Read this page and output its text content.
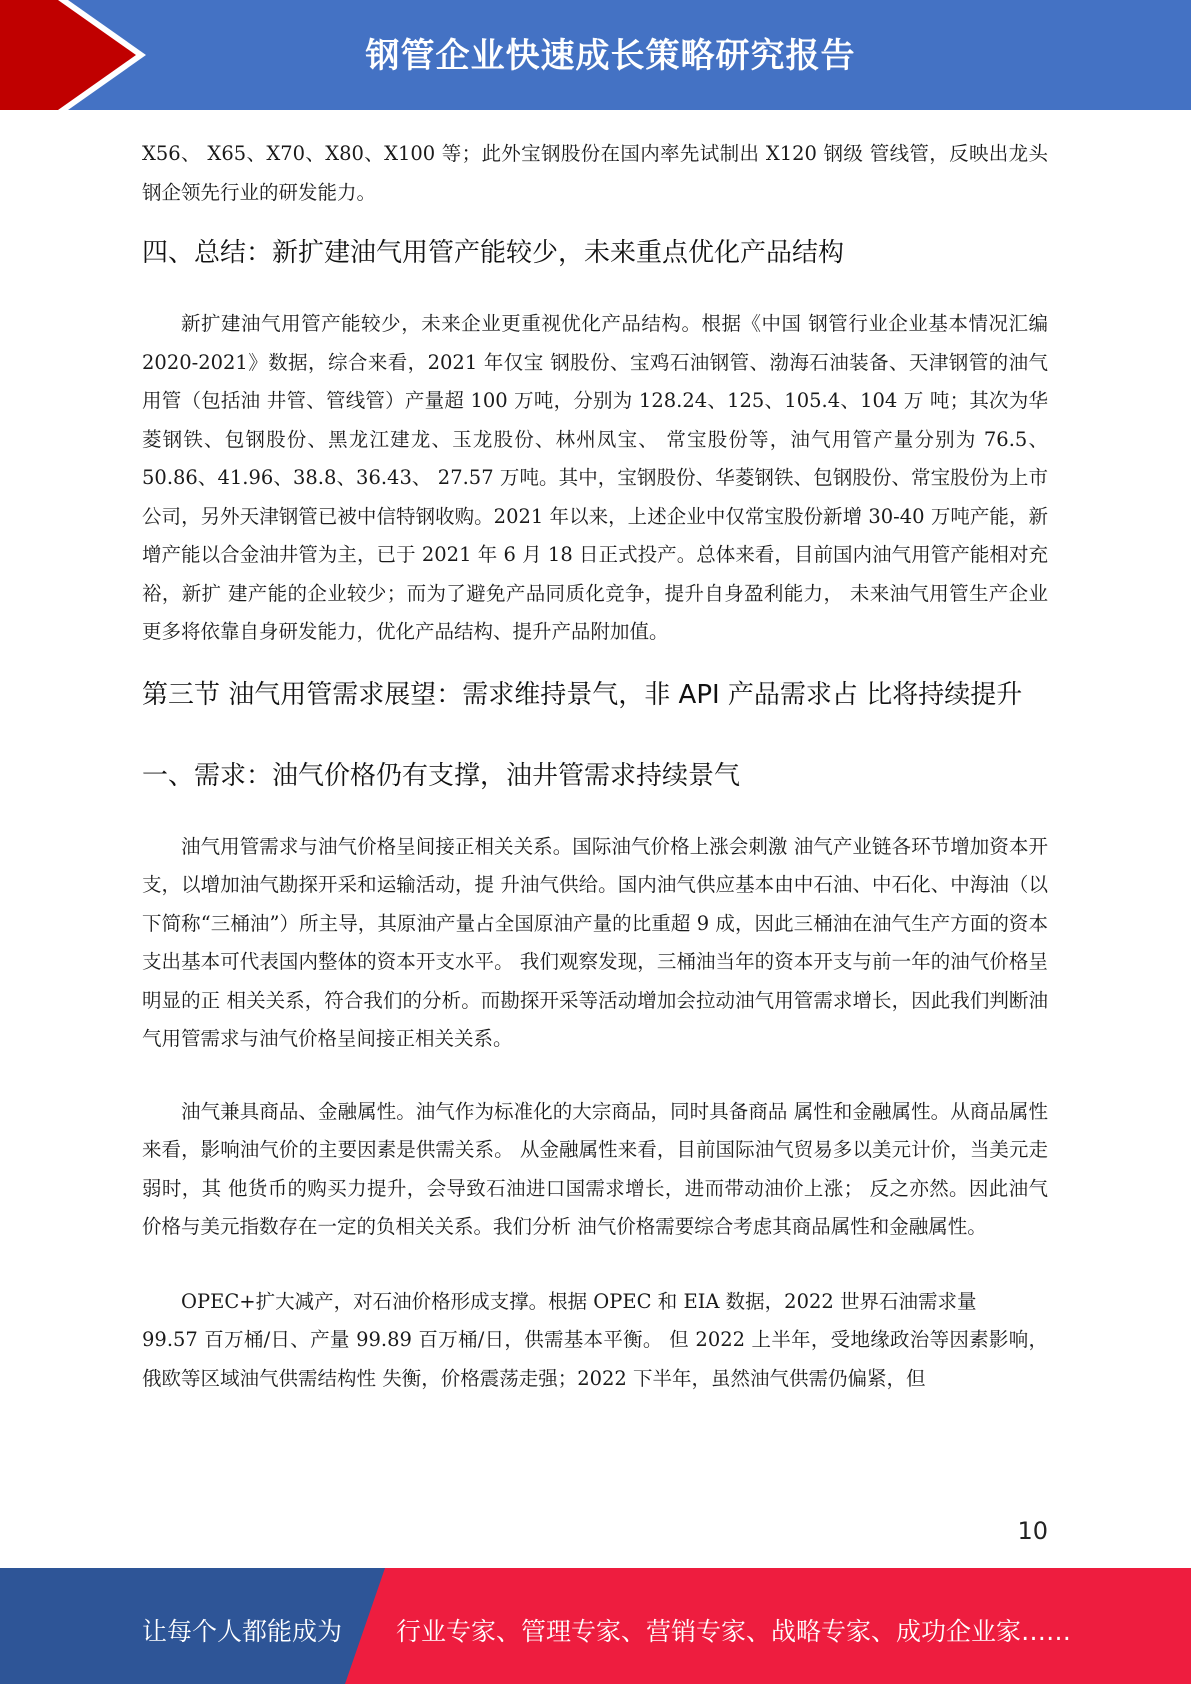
钢管企业快速成长策略研究报告

X56、 X65、X70、X80、X100 等；此外宝钢股份在国内率先试制出 X120 钢级 管线管，反映出龙头钢企领先行业的研发能力。

四、总结：新扩建油气用管产能较少，未来重点优化产品结构

新扩建油气用管产能较少，未来企业更重视优化产品结构。根据《中国 钢管行业企业基本情况汇编 2020-2021》数据，综合来看，2021 年仅宝 钢股份、宝鸡石油钢管、渤海石油装备、天津钢管的油气用管（包括油 井管、管线管）产量超 100 万吨，分别为 128.24、125、105.4、104 万 吨；其次为华菱钢铁、包钢股份、黑龙江建龙、玉龙股份、林州凤宝、 常宝股份等，油气用管产量分别为 76.5、50.86、41.96、38.8、36.43、 27.57 万吨。其中，宝钢股份、华菱钢铁、包钢股份、常宝股份为上市 公司，另外天津钢管已被中信特钢收购。2021 年以来，上述企业中仅常宝股份新增 30-40 万吨产能，新增产能以合金油井管为主，已于 2021 年 6 月 18 日正式投产。总体来看，目前国内油气用管产能相对充裕，新扩 建产能的企业较少；而为了避免产品同质化竞争，提升自身盈利能力， 未来油气用管生产企业更多将依靠自身研发能力，优化产品结构、提升产品附加值。

第三节 油气用管需求展望：需求维持景气，非 API 产品需求占 比将持续提升
一、需求：油气价格仍有支撑，油井管需求持续景气

油气用管需求与油气价格呈间接正相关关系。国际油气价格上涨会刺激 油气产业链各环节增加资本开支，以增加油气勘探开采和运输活动，提 升油气供给。国内油气供应基本由中石油、中石化、中海油（以下简称“三桶油”）所主导，其原油产量占全国原油产量的比重超 9 成，因此三桶油在油气生产方面的资本支出基本可代表国内整体的资本开支水平。 我们观察发现，三桶油当年的资本开支与前一年的油气价格呈明显的正 相关关系，符合我们的分析。而勘探开采等活动增加会拉动油气用管需求增长，因此我们判断油气用管需求与油气价格呈间接正相关关系。

油气兼具商品、金融属性。油气作为标准化的大宗商品，同时具备商品 属性和金融属性。从商品属性来看，影响油气价的主要因素是供需关系。 从金融属性来看，目前国际油气贸易多以美元计价，当美元走弱时，其 他货币的购买力提升，会导致石油进口国需求增长，进而带动油价上涨； 反之亦然。因此油气价格与美元指数存在一定的负相关关系。我们分析 油气价格需要综合考虑其商品属性和金融属性。

OPEC+扩大减产，对石油价格形成支撑。根据 OPEC 和 EIA 数据，2022 世界石油需求量

99.57 百万桶/日、产量 99.89 百万桶/日，供需基本平衡。 但 2022 上半年，受地缘政治等因素影响，俄欧等区域油气供需结构性 失衡，价格震荡走强；2022 下半年，虽然油气供需仍偏紧，但

10
让每个人都能成为 行业专家、管理专家、营销专家、战略专家、成功企业家……
